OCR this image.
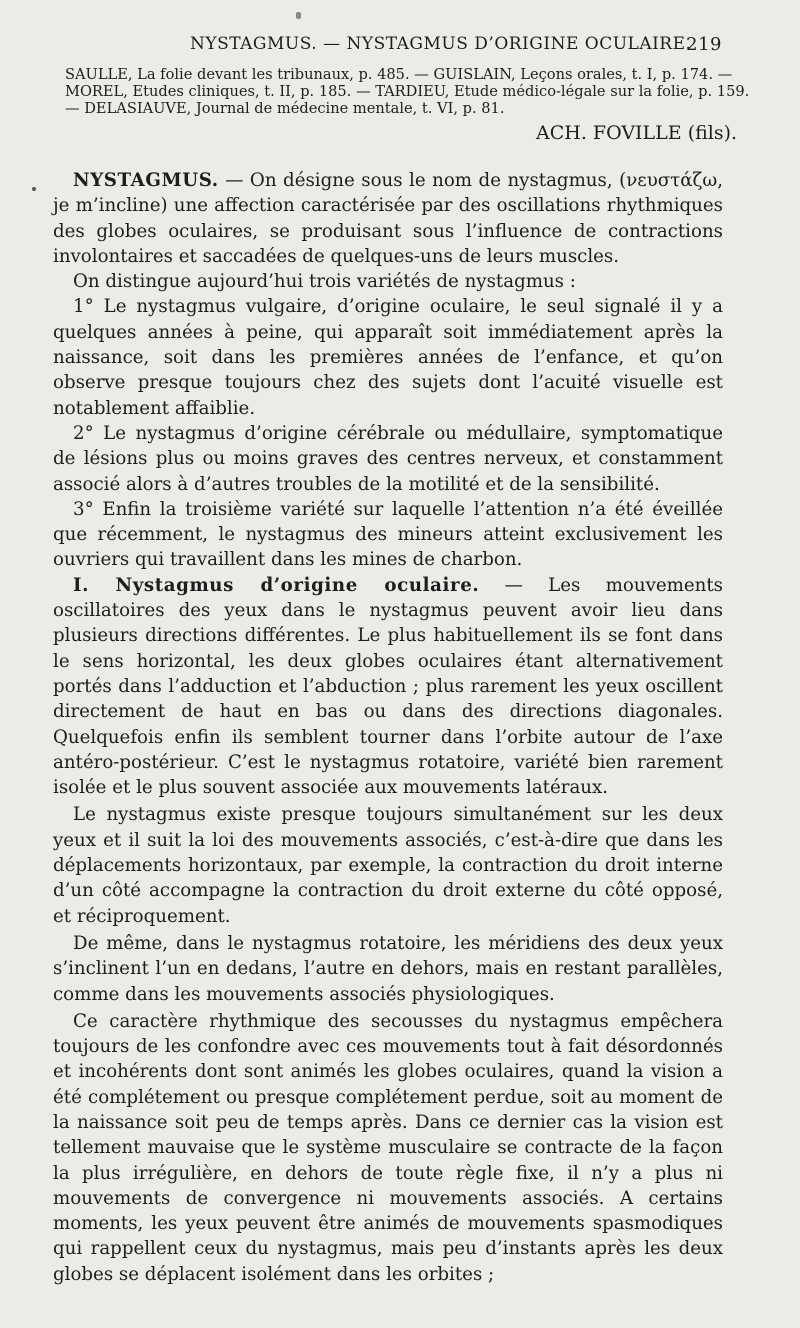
NYSTAGMUS. — NYSTAGMUS D’ORIGINE OCULAIRE.
219
SAULLE, La folie devant les tribunaux, p. 485. — GUISLAIN, Leçons orales, t. I, p. 174. —
MOREL, Etudes cliniques, t. II, p. 185. — TARDIEU, Etude médico-légale sur la folie, p. 159.
— DELASIAUVE, Journal de médecine mentale, t. VI, p. 81.
ACH. FOVILLE (fils).

NYSTAGMUS. — On désigne sous le nom de nystagmus, (νευστάζω, je m’incline) une affection caractérisée par des oscillations rhythmiques des globes oculaires, se produisant sous l’influence de contractions involontaires et saccadées de quelques-uns de leurs muscles.

On distingue aujourd’hui trois variétés de nystagmus :

1° Le nystagmus vulgaire, d’origine oculaire, le seul signalé il y a quelques années à peine, qui apparaît soit immédiatement après la naissance, soit dans les premières années de l’enfance, et qu’on observe presque toujours chez des sujets dont l’acuité visuelle est notablement affaiblie.

2° Le nystagmus d’origine cérébrale ou médullaire, symptomatique de lésions plus ou moins graves des centres nerveux, et constamment associé alors à d’autres troubles de la motilité et de la sensibilité.

3° Enfin la troisième variété sur laquelle l’attention n’a été éveillée que récemment, le nystagmus des mineurs atteint exclusivement les ouvriers qui travaillent dans les mines de charbon.

I. Nystagmus d’origine oculaire. — Les mouvements oscillatoires des yeux dans le nystagmus peuvent avoir lieu dans plusieurs directions différentes. Le plus habituellement ils se font dans le sens horizontal, les deux globes oculaires étant alternativement portés dans l’adduction et l’abduction ; plus rarement les yeux oscillent directement de haut en bas ou dans des directions diagonales. Quelquefois enfin ils semblent tourner dans l’orbite autour de l’axe antéro-postérieur. C’est le nystagmus rotatoire, variété bien rarement isolée et le plus souvent associée aux mouvements latéraux.

Le nystagmus existe presque toujours simultanément sur les deux yeux et il suit la loi des mouvements associés, c’est-à-dire que dans les déplacements horizontaux, par exemple, la contraction du droit interne d’un côté accompagne la contraction du droit externe du côté opposé, et réciproquement.

De même, dans le nystagmus rotatoire, les méridiens des deux yeux s’inclinent l’un en dedans, l’autre en dehors, mais en restant parallèles, comme dans les mouvements associés physiologiques.

Ce caractère rhythmique des secousses du nystagmus empêchera toujours de les confondre avec ces mouvements tout à fait désordonnés et incohérents dont sont animés les globes oculaires, quand la vision a été complétement ou presque complétement perdue, soit au moment de la naissance soit peu de temps après. Dans ce dernier cas la vision est tellement mauvaise que le système musculaire se contracte de la façon la plus irrégulière, en dehors de toute règle fixe, il n’y a plus ni mouvements de convergence ni mouvements associés. A certains moments, les yeux peuvent être animés de mouvements spasmodiques qui rappellent ceux du nystagmus, mais peu d’instants après les deux globes se déplacent isolément dans les orbites ;
